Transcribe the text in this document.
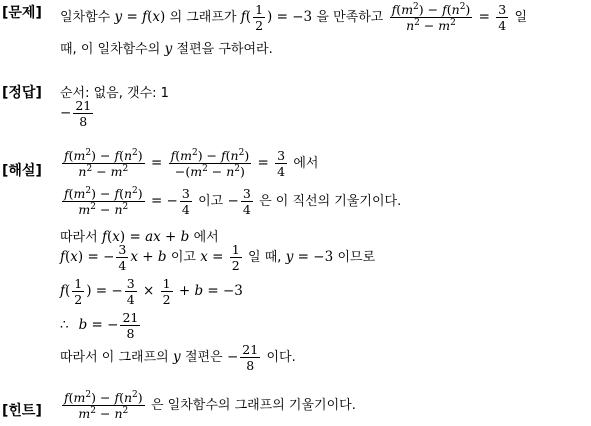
[문제] 일차함수 y = f(x) 의 그래프가 $f( \frac{1}{2}$ ) = −3 을 만족하고 $\frac{f(m^2) - f(n^2)}{n^2 - m^2} = \frac{3}{4}$ 일
때, 이 일차함수의 y 절편을 구하여라.
[정답] 순서: 없음, 갯수: 1
− $\frac{21}{8}$
[해설] $\frac{f(m^2) - f(n^2)}{n^2 - m^2} = \frac{f(m^2) - f(n^2)}{-(m^2 - n^2)} = \frac{3}{4}$ 에서
$\frac{f(m^2) - f(n^2)}{m^2 - n^2}$ = − $\frac{3}{4}$ 이고 − $\frac{3}{4}$ 은 이 직선의 기울기이다.
따라서 f(x) = ax + b 에서
f(x) = − $\frac{3}{4}$ x + b 이고 $x = \frac{1}{2}$ 일 때, y = −3 이므로
$f( \frac{1}{2}$ ) = − $\frac{3}{4} \times \frac{1}{2} + b = -3$
∴ b = − $\frac{21}{8}$
따라서 이 그래프의 y 절편은 − $\frac{21}{8}$ 이다.
[힌트] $\frac{f(m^2) - f(n^2)}{m^2 - n^2}$ 은 일차함수의 그래프의 기울기이다.
